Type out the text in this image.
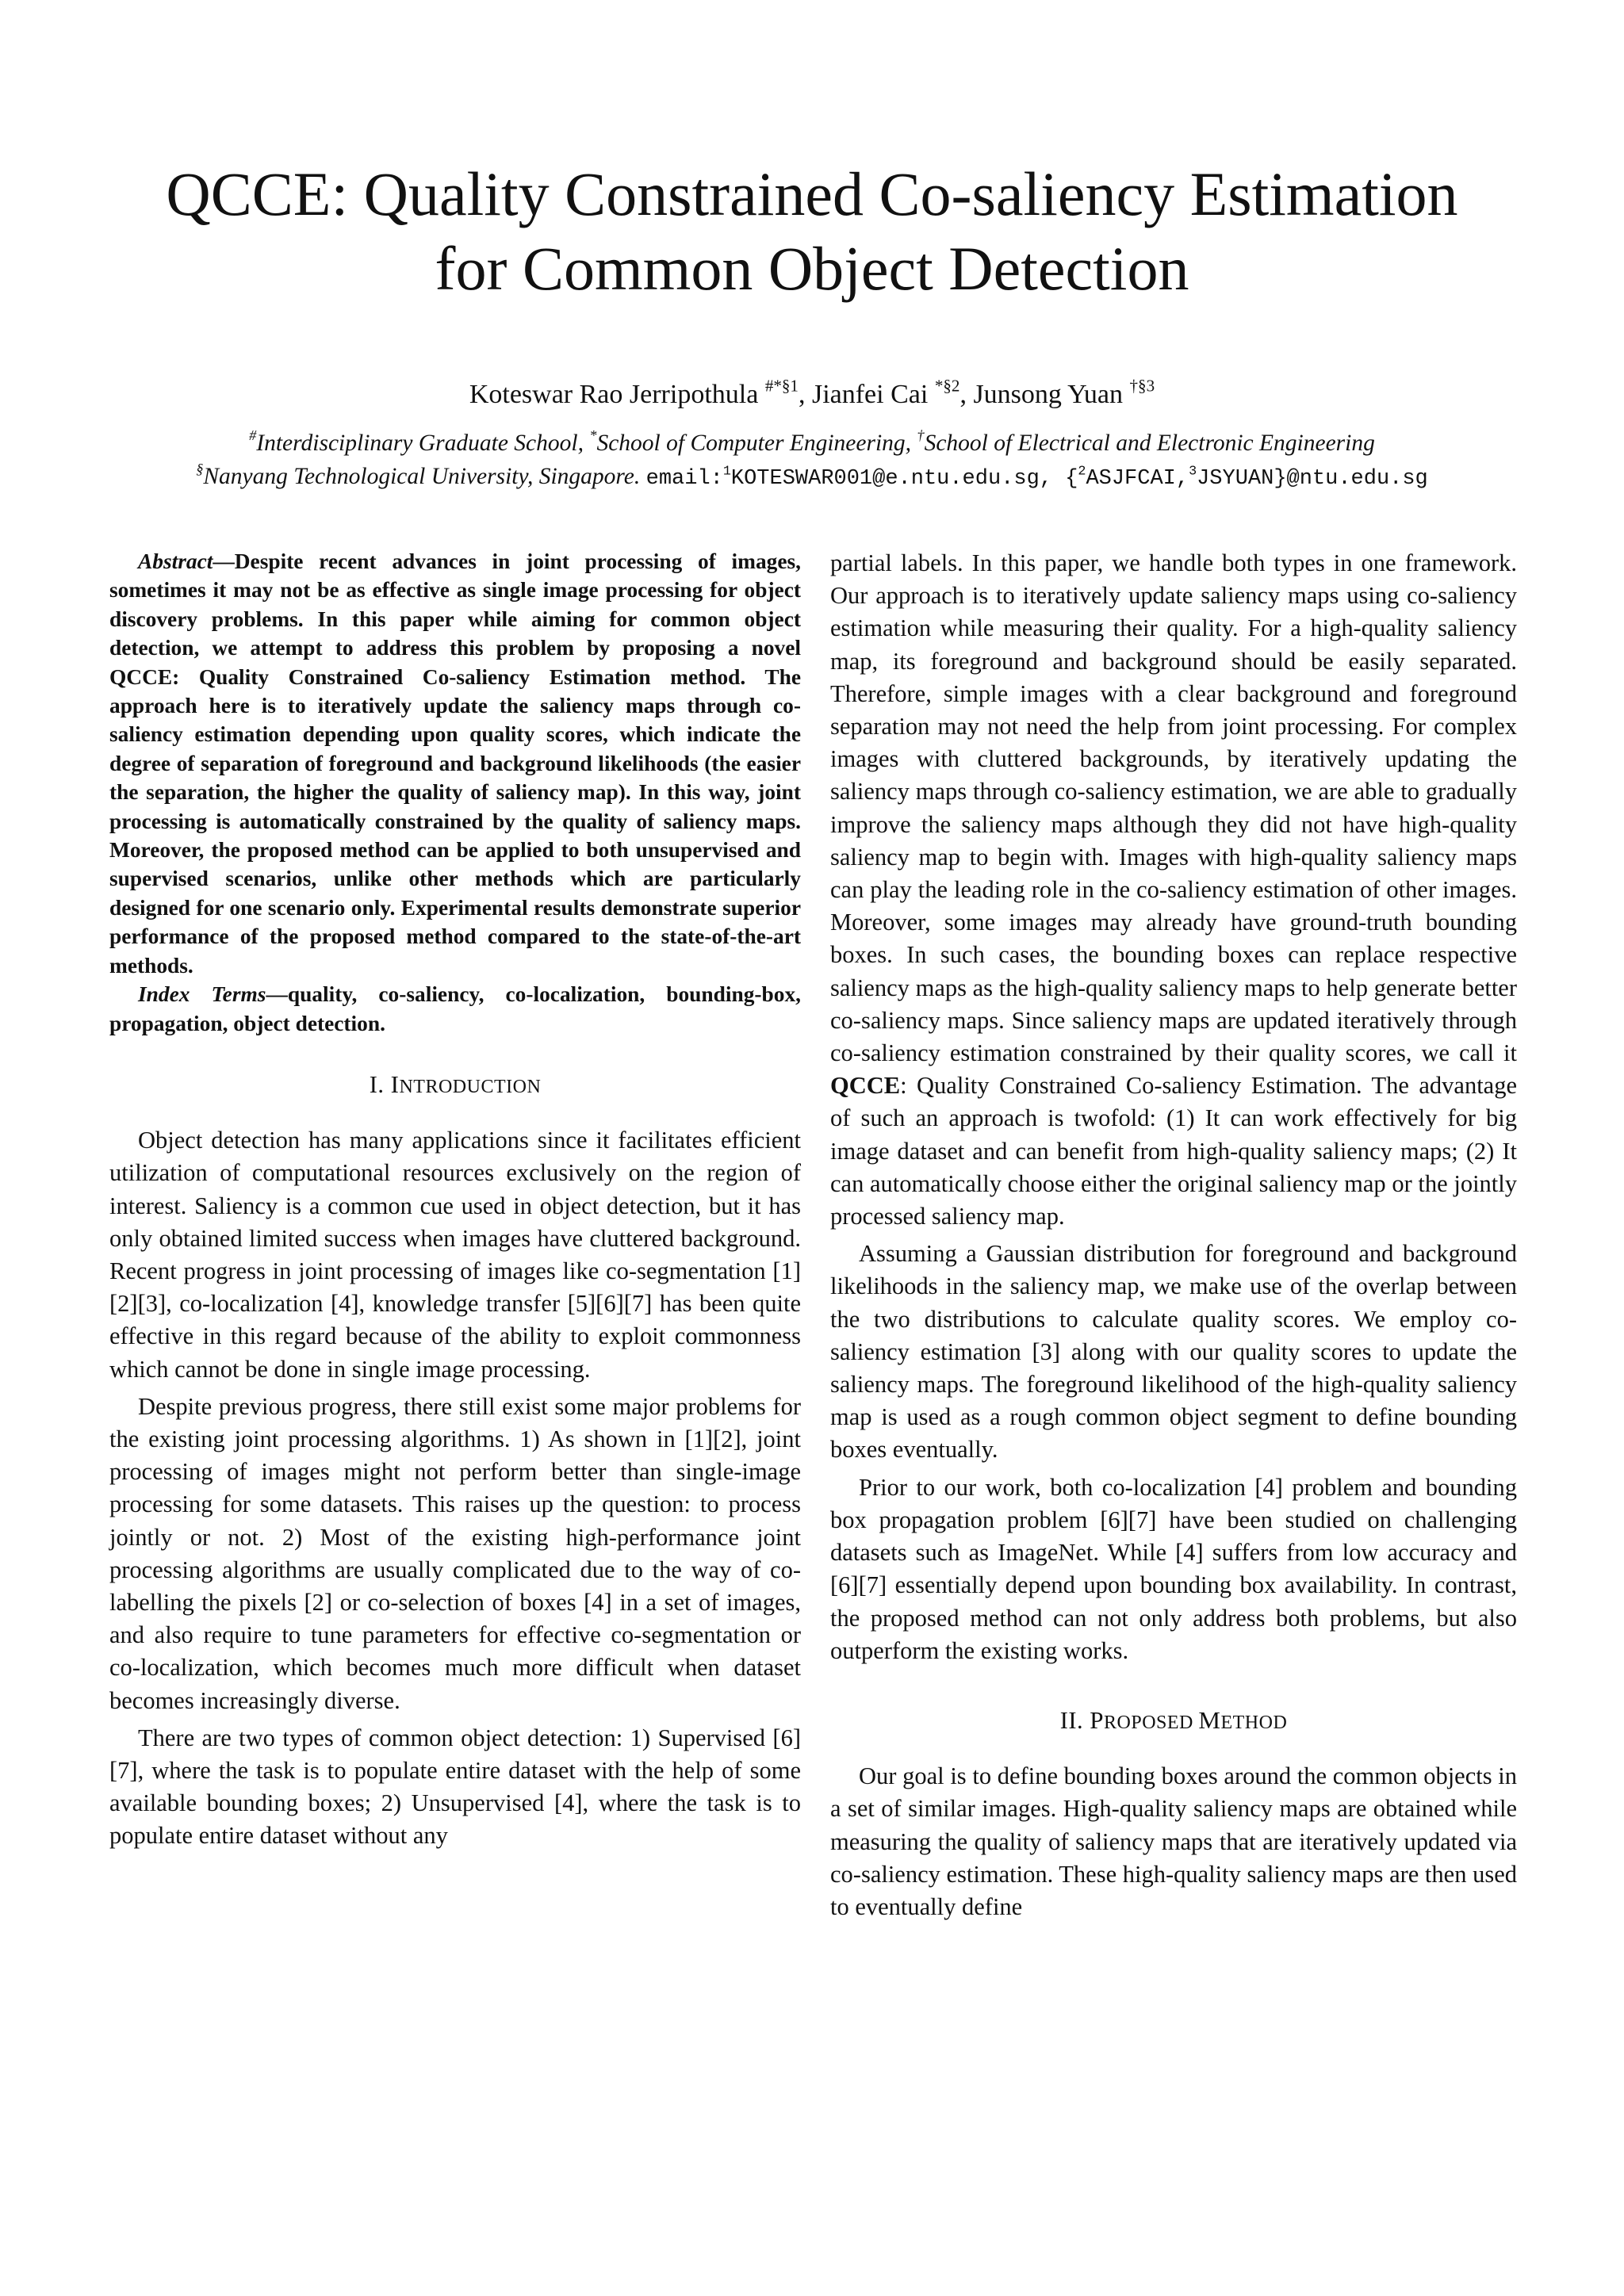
QCCE: Quality Constrained Co-saliency Estimation
for Common Object Detection
Koteswar Rao Jerripothula $^{\#*\S 1}$, Jianfei Cai $^{*\S 2}$, Junsong Yuan $^{\dagger\S 3}$
#Interdisciplinary Graduate School, *School of Computer Engineering, †School of Electrical and Electronic Engineering
§Nanyang Technological University, Singapore. email:$^1$KOTESWAR001@e.ntu.edu.sg, {$^2$ASJFCAI,$^3$JSYUAN}@ntu.edu.sg

Abstract—Despite recent advances in joint processing of images, sometimes it may not be as effective as single image processing for object discovery problems. In this paper while aiming for common object detection, we attempt to address this problem by proposing a novel QCCE: Quality Constrained Co-saliency Estimation method. The approach here is to iteratively update the saliency maps through co-saliency estimation depending upon quality scores, which indicate the degree of separation of foreground and background likelihoods (the easier the separation, the higher the quality of saliency map). In this way, joint processing is automatically constrained by the quality of saliency maps. Moreover, the proposed method can be applied to both unsupervised and supervised scenarios, unlike other methods which are particularly designed for one scenario only. Experimental results demonstrate superior performance of the proposed method compared to the state-of-the-art methods.

Index Terms—quality, co-saliency, co-localization, bounding-box, propagation, object detection.

I. INTRODUCTION

Object detection has many applications since it facilitates efficient utilization of computational resources exclusively on the region of interest. Saliency is a common cue used in object detection, but it has only obtained limited success when images have cluttered background. Recent progress in joint processing of images like co-segmentation [1][2][3], co-localization [4], knowledge transfer [5][6][7] has been quite effective in this regard because of the ability to exploit commonness which cannot be done in single image processing.

Despite previous progress, there still exist some major problems for the existing joint processing algorithms. 1) As shown in [1][2], joint processing of images might not perform better than single-image processing for some datasets. This raises up the question: to process jointly or not. 2) Most of the existing high-performance joint processing algorithms are usually complicated due to the way of co-labelling the pixels [2] or co-selection of boxes [4] in a set of images, and also require to tune parameters for effective co-segmentation or co-localization, which becomes much more difficult when dataset becomes increasingly diverse.

There are two types of common object detection: 1) Supervised [6][7], where the task is to populate entire dataset with the help of some available bounding boxes; 2) Unsupervised [4], where the task is to populate entire dataset without any

partial labels. In this paper, we handle both types in one framework. Our approach is to iteratively update saliency maps using co-saliency estimation while measuring their quality. For a high-quality saliency map, its foreground and background should be easily separated. Therefore, simple images with a clear background and foreground separation may not need the help from joint processing. For complex images with cluttered backgrounds, by iteratively updating the saliency maps through co-saliency estimation, we are able to gradually improve the saliency maps although they did not have high-quality saliency map to begin with. Images with high-quality saliency maps can play the leading role in the co-saliency estimation of other images. Moreover, some images may already have ground-truth bounding boxes. In such cases, the bounding boxes can replace respective saliency maps as the high-quality saliency maps to help generate better co-saliency maps. Since saliency maps are updated iteratively through co-saliency estimation constrained by their quality scores, we call it QCCE: Quality Constrained Co-saliency Estimation. The advantage of such an approach is twofold: (1) It can work effectively for big image dataset and can benefit from high-quality saliency maps; (2) It can automatically choose either the original saliency map or the jointly processed saliency map.

Assuming a Gaussian distribution for foreground and background likelihoods in the saliency map, we make use of the overlap between the two distributions to calculate quality scores. We employ co-saliency estimation [3] along with our quality scores to update the saliency maps. The foreground likelihood of the high-quality saliency map is used as a rough common object segment to define bounding boxes eventually.

Prior to our work, both co-localization [4] problem and bounding box propagation problem [6][7] have been studied on challenging datasets such as ImageNet. While [4] suffers from low accuracy and [6][7] essentially depend upon bounding box availability. In contrast, the proposed method can not only address both problems, but also outperform the existing works.

II. PROPOSED METHOD

Our goal is to define bounding boxes around the common objects in a set of similar images. High-quality saliency maps are obtained while measuring the quality of saliency maps that are iteratively updated via co-saliency estimation. These high-quality saliency maps are then used to eventually define
